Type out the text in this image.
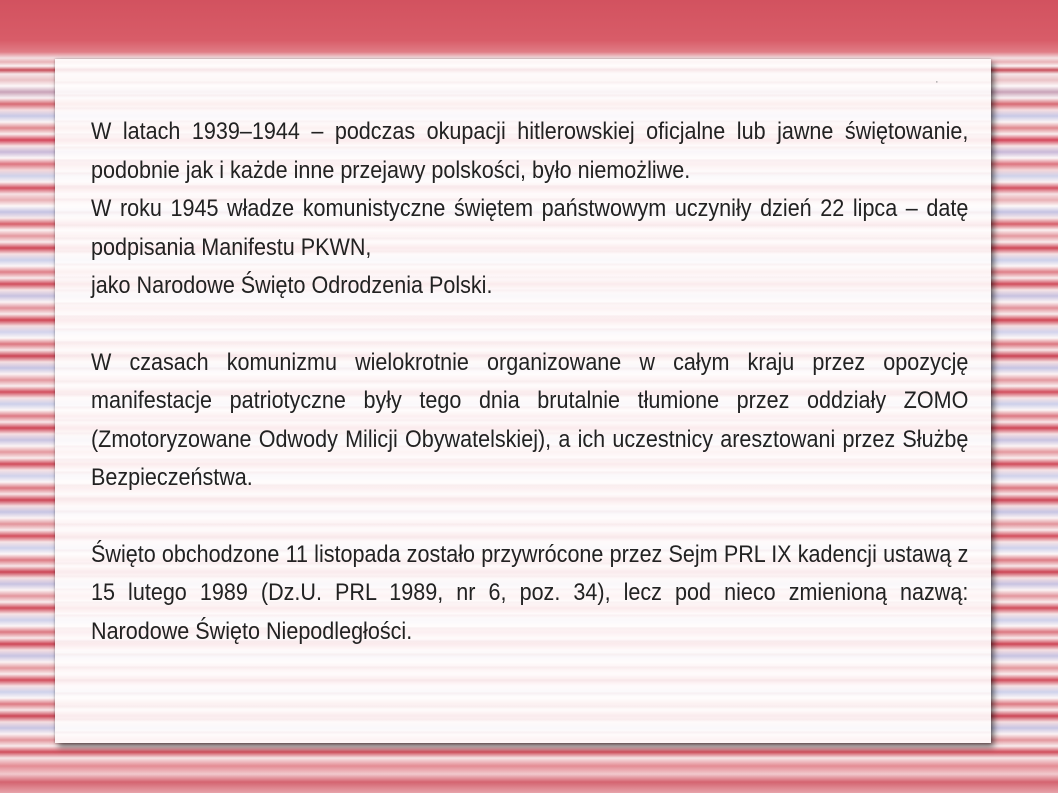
·

W latach 1939–1944 – podczas okupacji hitlerowskiej oficjalne lub jawne świętowanie, podobnie jak i każde inne przejawy polskości, było niemożliwe.

W roku 1945 władze komunistyczne świętem państwowym uczyniły dzień 22 lipca – datę podpisania Manifestu PKWN,

jako Narodowe Święto Odrodzenia Polski.

W czasach komunizmu wielokrotnie organizowane w całym kraju przez opozycję manifestacje patriotyczne były tego dnia brutalnie tłumione przez oddziały ZOMO (Zmotoryzowane Odwody Milicji Obywatelskiej), a ich uczestnicy aresztowani przez Służbę Bezpieczeństwa.

Święto obchodzone 11 listopada zostało przywrócone przez Sejm PRL IX kadencji ustawą z 15 lutego 1989 (Dz.U. PRL 1989, nr 6, poz. 34), lecz pod nieco zmienioną nazwą: Narodowe Święto Niepodległości.
